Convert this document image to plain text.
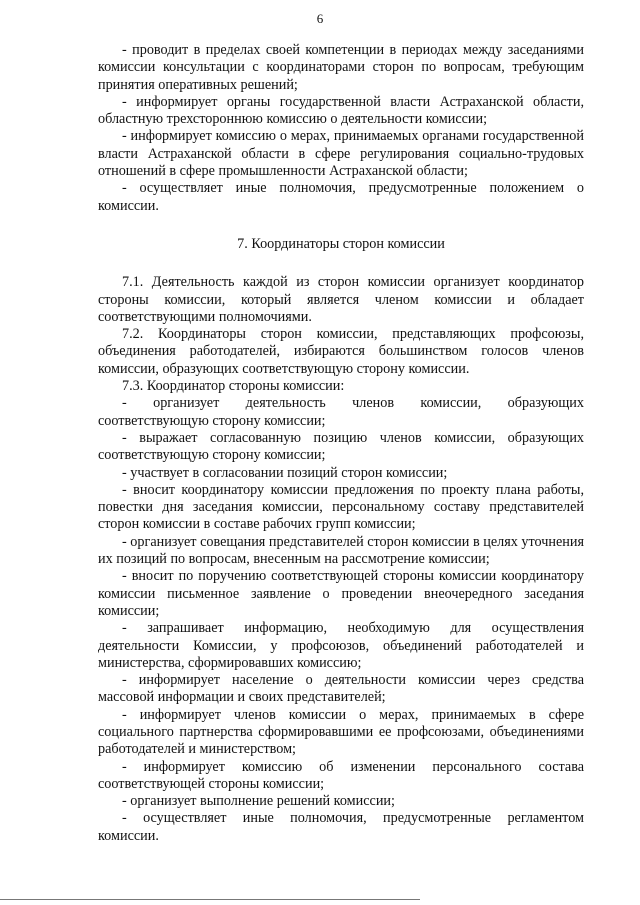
6

- проводит в пределах своей компетенции в периодах между заседаниями комиссии консультации с координаторами сторон по вопросам, требующим принятия оперативных решений;

- информирует органы государственной власти Астраханской области, областную трехстороннюю комиссию о деятельности комиссии;

- информирует комиссию о мерах, принимаемых органами государственной власти Астраханской области в сфере регулирования социально-трудовых отношений в сфере промышленности Астраханской области;

- осуществляет иные полномочия, предусмотренные положением о комиссии.

7. Координаторы сторон комиссии

7.1. Деятельность каждой из сторон комиссии организует координатор стороны комиссии, который является членом комиссии и обладает соответствующими полномочиями.

7.2. Координаторы сторон комиссии, представляющих профсоюзы, объединения работодателей, избираются большинством голосов членов комиссии, образующих соответствующую сторону комиссии.

7.3. Координатор стороны комиссии:

- организует деятельность членов комиссии, образующих соответствующую сторону комиссии;

- выражает согласованную позицию членов комиссии, образующих соответствующую сторону комиссии;

- участвует в согласовании позиций сторон комиссии;

- вносит координатору комиссии предложения по проекту плана работы, повестки дня заседания комиссии, персональному составу представителей сторон комиссии в составе рабочих групп комиссии;

- организует совещания представителей сторон комиссии в целях уточнения их позиций по вопросам, внесенным на рассмотрение комиссии;

- вносит по поручению соответствующей стороны комиссии координатору комиссии письменное заявление о проведении внеочередного заседания комиссии;

- запрашивает информацию, необходимую для осуществления деятельности Комиссии, у профсоюзов, объединений работодателей и министерства, сформировавших комиссию;

- информирует население о деятельности комиссии через средства массовой информации и своих представителей;

- информирует членов комиссии о мерах, принимаемых в сфере социального партнерства сформировавшими ее профсоюзами, объединениями работодателей и министерством;

- информирует комиссию об изменении персонального состава соответствующей стороны комиссии;

- организует выполнение решений комиссии;

- осуществляет иные полномочия, предусмотренные регламентом комиссии.
